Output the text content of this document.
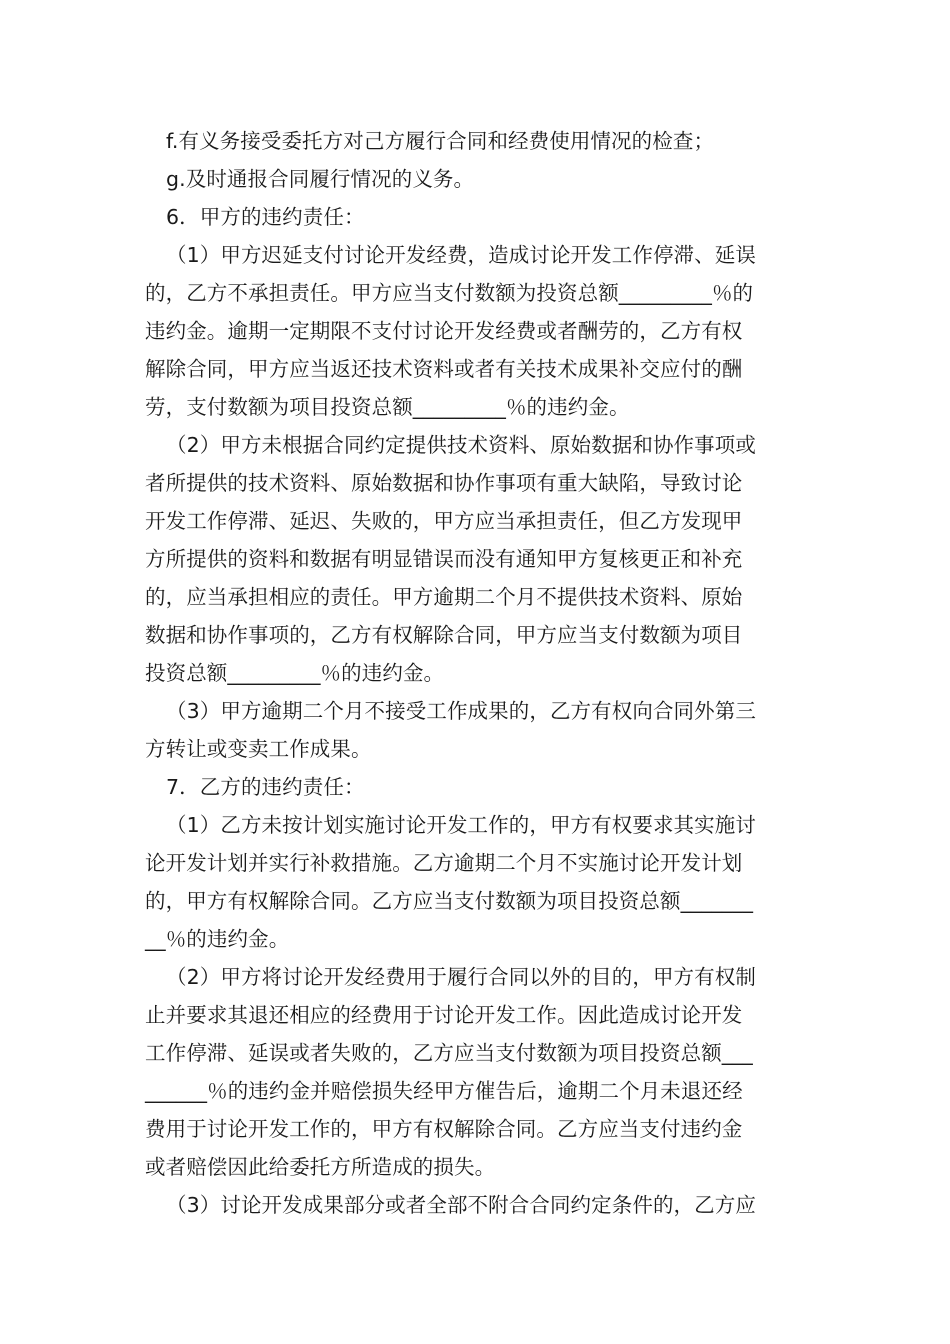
f.有义务接受委托方对己方履行合同和经费使用情况的检查；

g.及时通报合同履行情况的义务。

6．甲方的违约责任：

（1）甲方迟延支付讨论开发经费，造成讨论开发工作停滞、延误
的，乙方不承担责任。甲方应当支付数额为投资总额_________％的
违约金。逾期一定期限不支付讨论开发经费或者酬劳的，乙方有权
解除合同，甲方应当返还技术资料或者有关技术成果补交应付的酬
劳，支付数额为项目投资总额_________％的违约金。

（2）甲方未根据合同约定提供技术资料、原始数据和协作事项或
者所提供的技术资料、原始数据和协作事项有重大缺陷，导致讨论
开发工作停滞、延迟、失败的，甲方应当承担责任，但乙方发现甲
方所提供的资料和数据有明显错误而没有通知甲方复核更正和补充
的，应当承担相应的责任。甲方逾期二个月不提供技术资料、原始
数据和协作事项的，乙方有权解除合同，甲方应当支付数额为项目
投资总额_________％的违约金。

（3）甲方逾期二个月不接受工作成果的，乙方有权向合同外第三
方转让或变卖工作成果。

7．乙方的违约责任：

（1）乙方未按计划实施讨论开发工作的，甲方有权要求其实施讨
论开发计划并实行补救措施。乙方逾期二个月不实施讨论开发计划
的，甲方有权解除合同。乙方应当支付数额为项目投资总额_______
__％的违约金。

（2）甲方将讨论开发经费用于履行合同以外的目的，甲方有权制
止并要求其退还相应的经费用于讨论开发工作。因此造成讨论开发
工作停滞、延误或者失败的，乙方应当支付数额为项目投资总额___
______％的违约金并赔偿损失经甲方催告后，逾期二个月未退还经
费用于讨论开发工作的，甲方有权解除合同。乙方应当支付违约金
或者赔偿因此给委托方所造成的损失。

（3）讨论开发成果部分或者全部不附合合同约定条件的，乙方应
